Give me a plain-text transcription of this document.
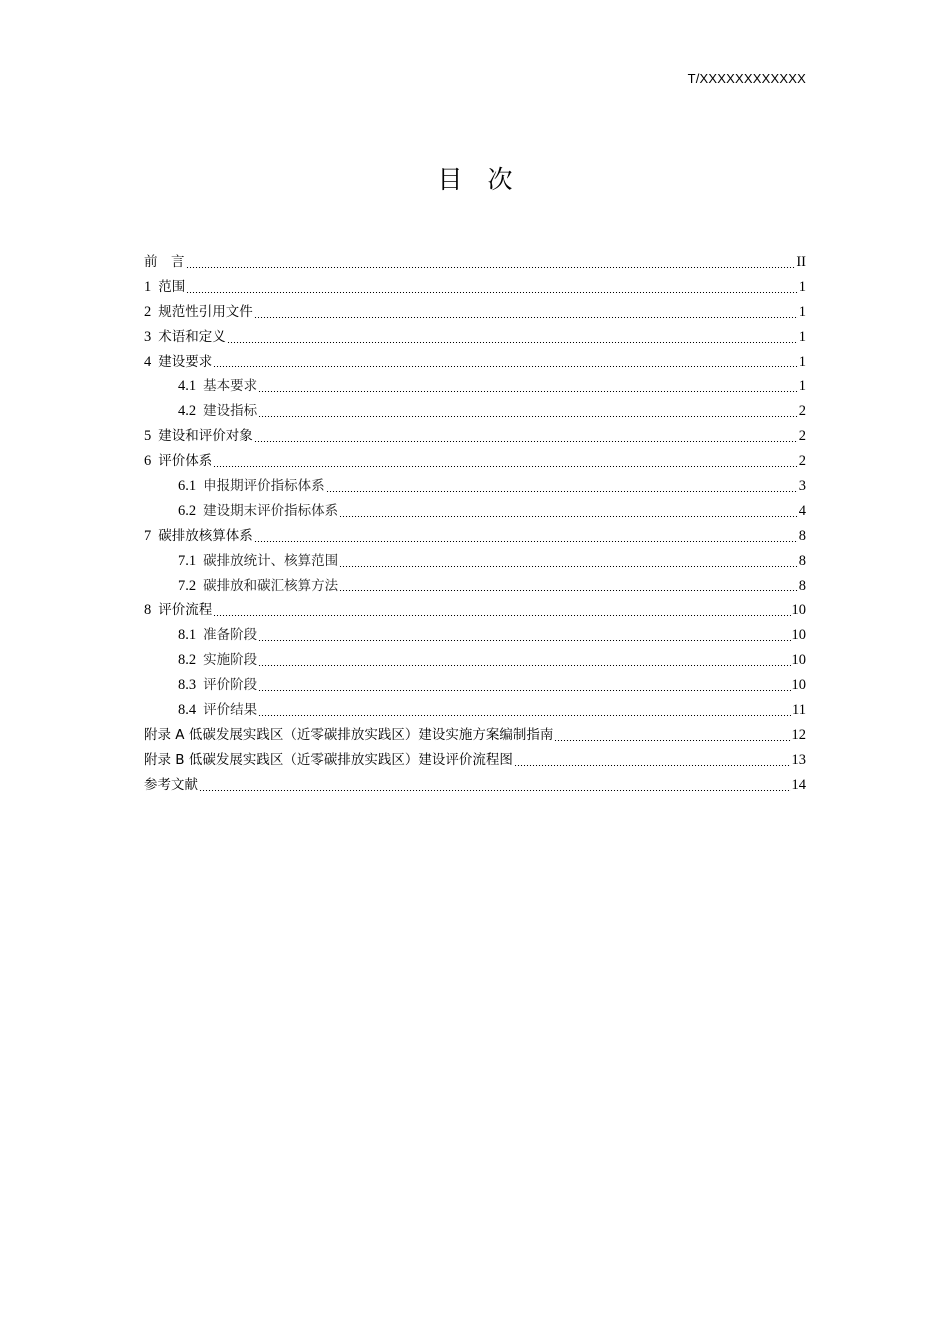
T/XXXXXXXXXXXX
目　次
前　言	II
1 范围	1
2 规范性引用文件	1
3 术语和定义	1
4 建设要求	1
4.1 基本要求	1
4.2 建设指标	2
5 建设和评价对象	2
6 评价体系	2
6.1 申报期评价指标体系	3
6.2 建设期末评价指标体系	4
7 碳排放核算体系	8
7.1 碳排放统计、核算范围	8
7.2 碳排放和碳汇核算方法	8
8 评价流程	10
8.1 准备阶段	10
8.2 实施阶段	10
8.3 评价阶段	10
8.4 评价结果	11
附录 A 低碳发展实践区（近零碳排放实践区）建设实施方案编制指南	12
附录 B 低碳发展实践区（近零碳排放实践区）建设评价流程图	13
参考文献	14
